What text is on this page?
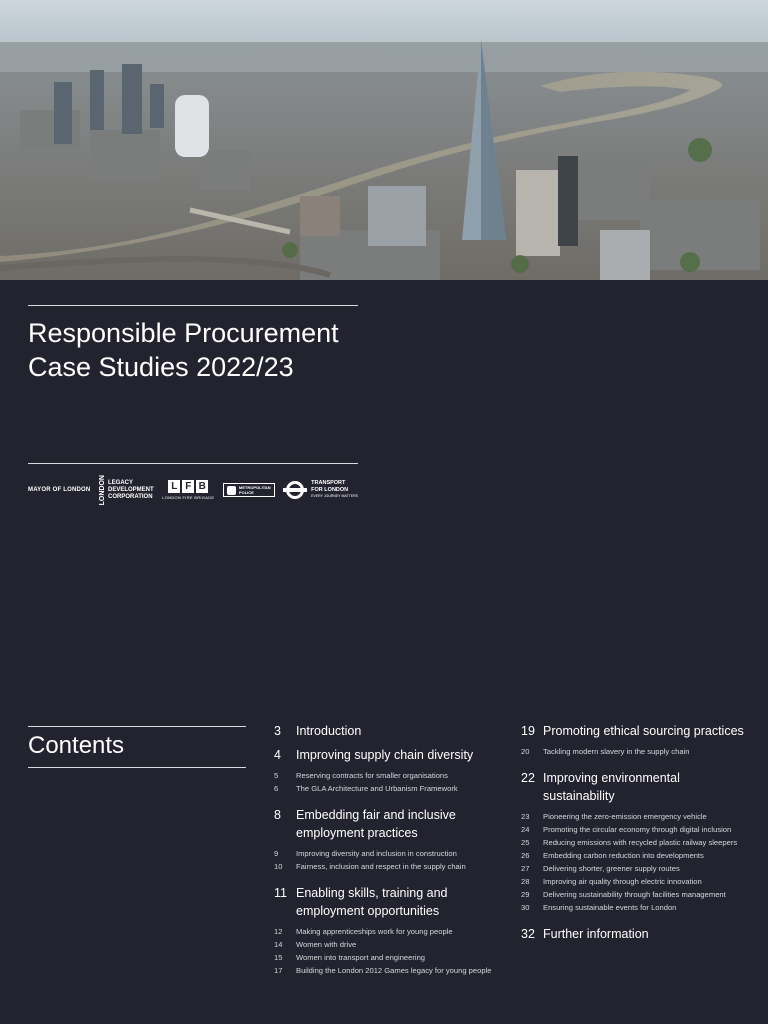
Responsible Procurement
Case Studies 2022/23
MAYOR OF LONDON LONDON LEGACY
DEVELOPMENT
CORPORATION
L F B
LONDON FIRE BRIGADE
METROPOLITAN
POLICE
TRANSPORT
FOR LONDON
EVERY JOURNEY MATTERS
Contents
3	Introduction
4	Improving supply chain diversity
5	Reserving contracts for smaller organisations
6	The GLA Architecture and Urbanism Framework
8	Embedding fair and inclusive employment practices
9	Improving diversity and inclusion in construction
10	Fairness, inclusion and respect in the supply chain
11 Enabling skills, training and employment opportunities
12	Making apprenticeships work for young people
14	Women with drive
15	Women into transport and engineering
17	Building the London 2012 Games legacy for young people
19 Promoting ethical sourcing practices
20	Tackling modern slavery in the supply chain
22 Improving environmental sustainability
23	Pioneering the zero-emission emergency vehicle
24	Promoting the circular economy through digital inclusion
25	Reducing emissions with recycled plastic railway sleepers
26	Embedding carbon reduction into developments
27	Delivering shorter, greener supply routes
28	Improving air quality through electric innovation
29	Delivering sustainability through facilities management
30	Ensuring sustainable events for London
32 Further information
